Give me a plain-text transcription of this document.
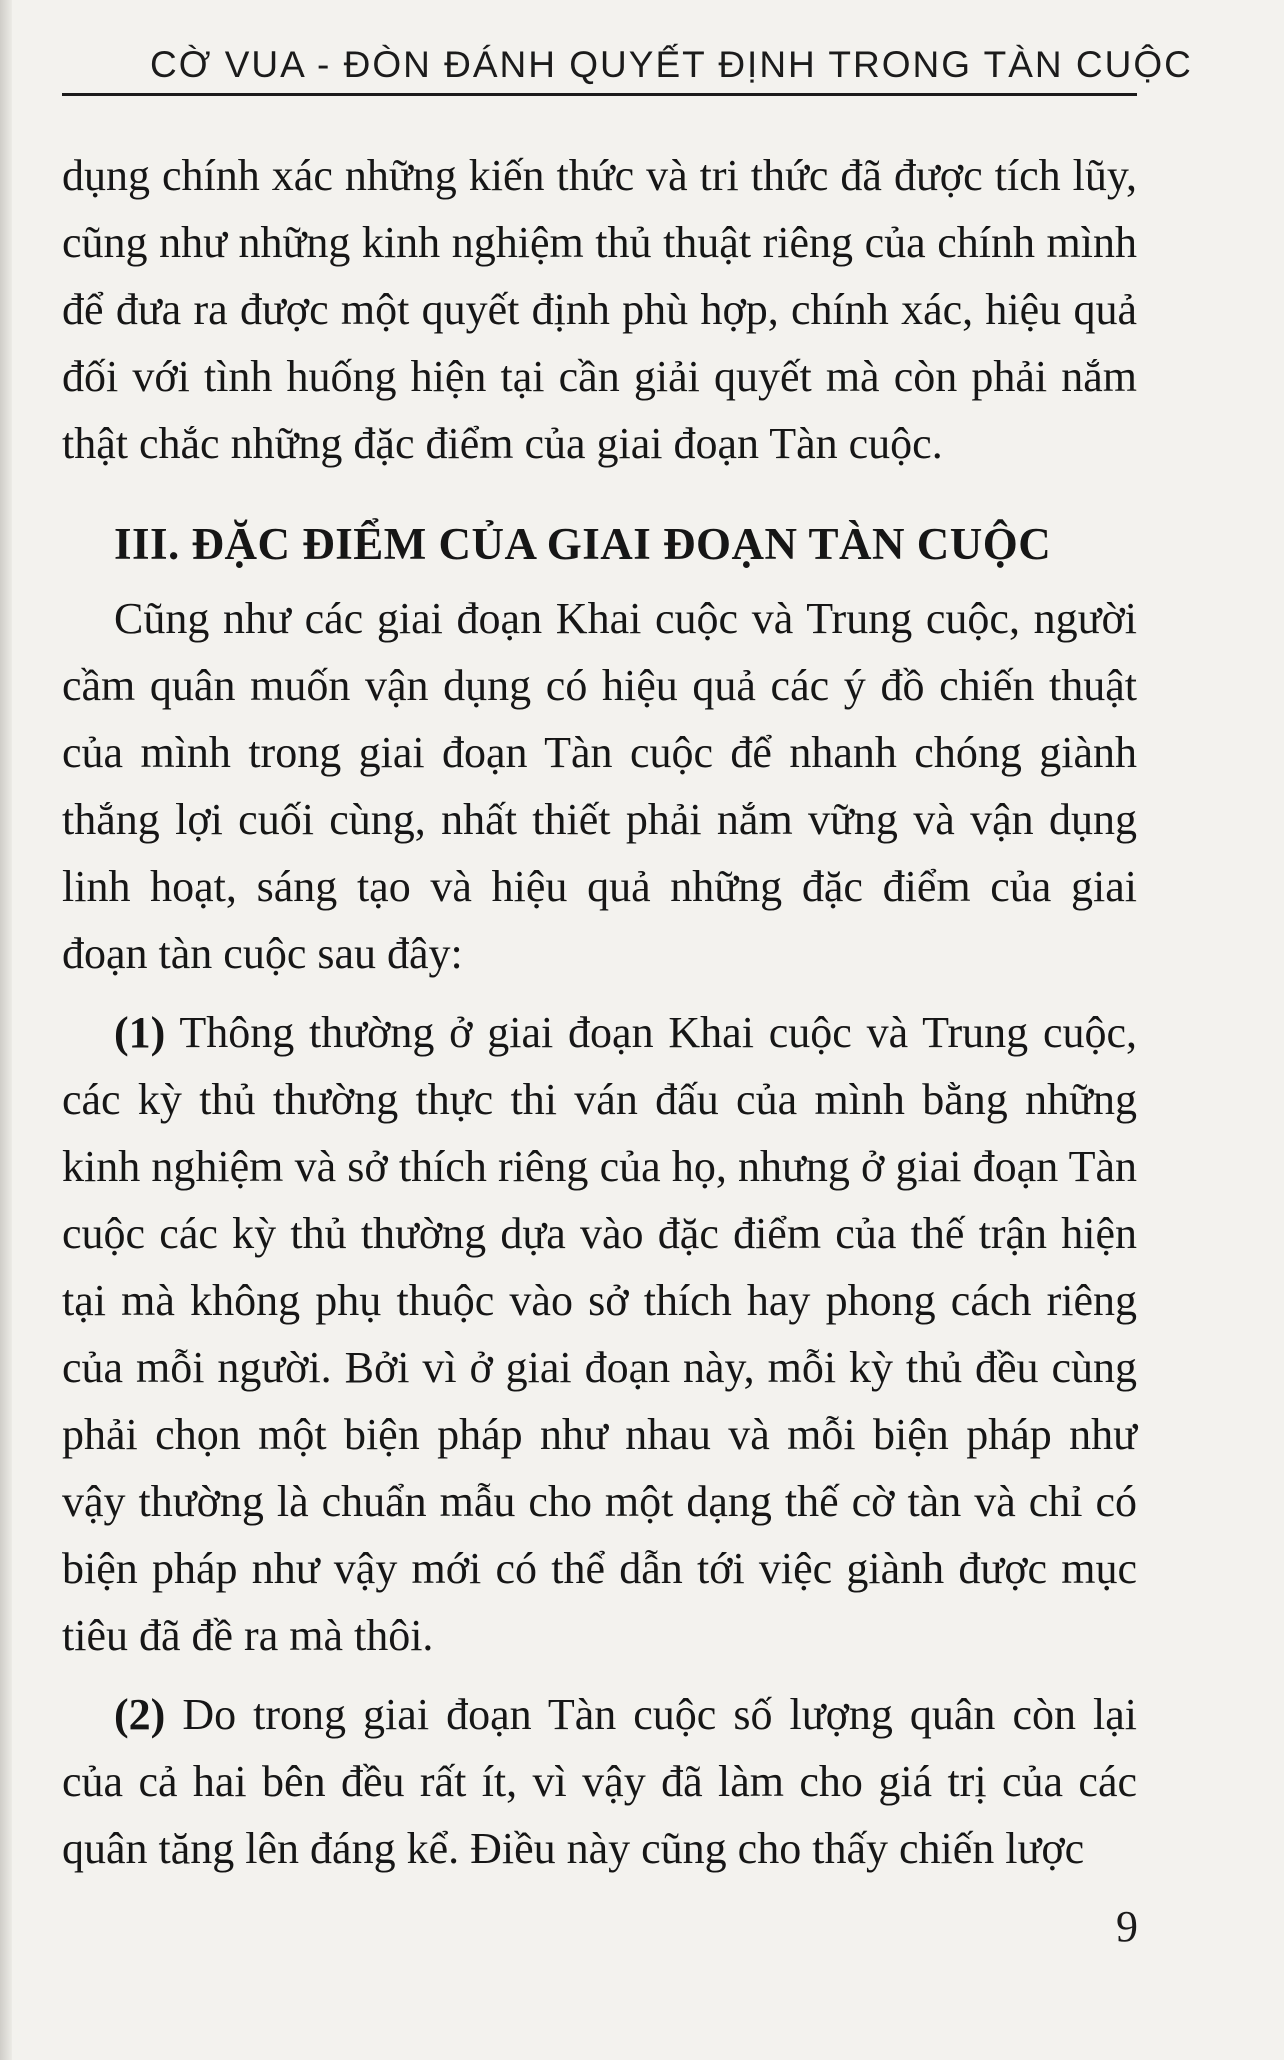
CỜ VUA - ĐÒN ĐÁNH QUYẾT ĐỊNH TRONG TÀN CUỘC

dụng chính xác những kiến thức và tri thức đã được tích lũy, cũng như những kinh nghiệm thủ thuật riêng của chính mình để đưa ra được một quyết định phù hợp, chính xác, hiệu quả đối với tình huống hiện tại cần giải quyết mà còn phải nắm thật chắc những đặc điểm của giai đoạn Tàn cuộc.

III. ĐẶC ĐIỂM CỦA GIAI ĐOẠN TÀN CUỘC

Cũng như các giai đoạn Khai cuộc và Trung cuộc, người cầm quân muốn vận dụng có hiệu quả các ý đồ chiến thuật của mình trong giai đoạn Tàn cuộc để nhanh chóng giành thắng lợi cuối cùng, nhất thiết phải nắm vững và vận dụng linh hoạt, sáng tạo và hiệu quả những đặc điểm của giai đoạn tàn cuộc sau đây:

(1) Thông thường ở giai đoạn Khai cuộc và Trung cuộc, các kỳ thủ thường thực thi ván đấu của mình bằng những kinh nghiệm và sở thích riêng của họ, nhưng ở giai đoạn Tàn cuộc các kỳ thủ thường dựa vào đặc điểm của thế trận hiện tại mà không phụ thuộc vào sở thích hay phong cách riêng của mỗi người. Bởi vì ở giai đoạn này, mỗi kỳ thủ đều cùng phải chọn một biện pháp như nhau và mỗi biện pháp như vậy thường là chuẩn mẫu cho một dạng thế cờ tàn và chỉ có biện pháp như vậy mới có thể dẫn tới việc giành được mục tiêu đã đề ra mà thôi.

(2) Do trong giai đoạn Tàn cuộc số lượng quân còn lại của cả hai bên đều rất ít, vì vậy đã làm cho giá trị của các quân tăng lên đáng kể. Điều này cũng cho thấy chiến lược

9
